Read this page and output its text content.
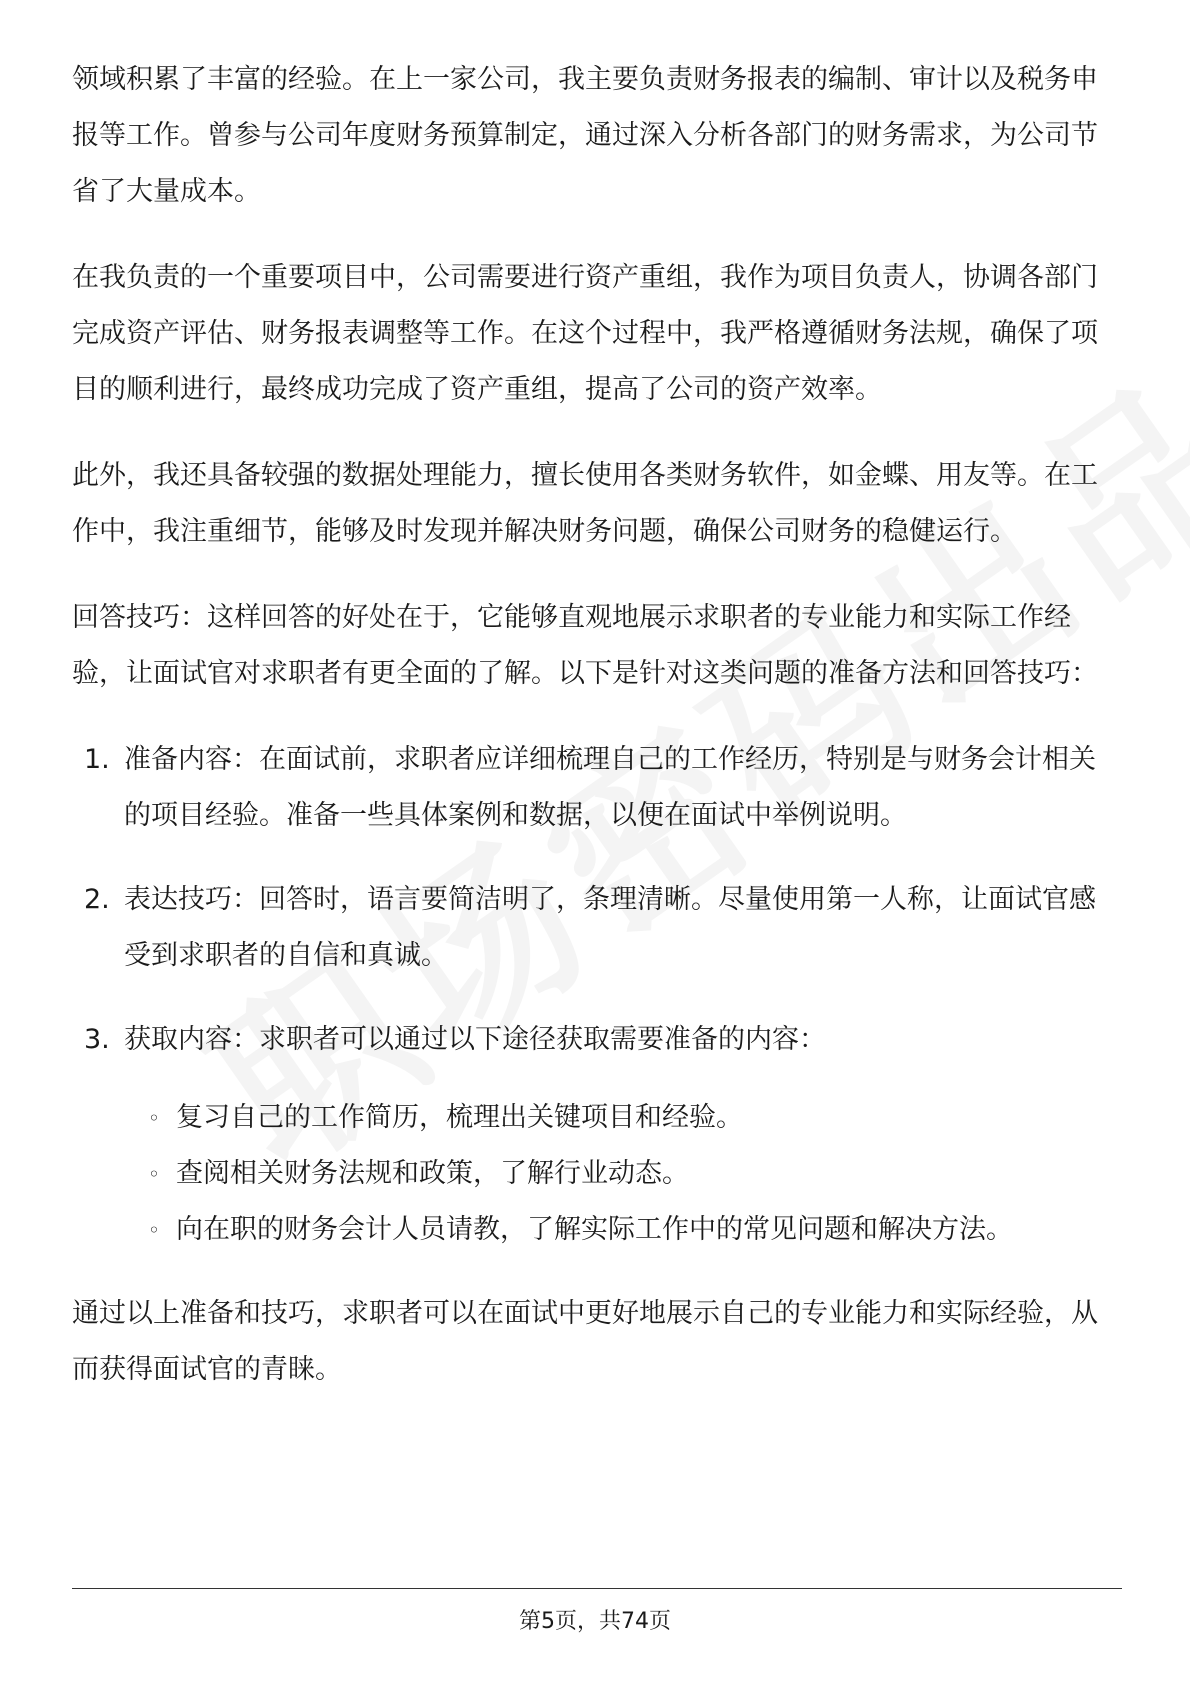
领域积累了丰富的经验。在上一家公司，我主要负责财务报表的编制、审计以及税务申报等工作。曾参与公司年度财务预算制定，通过深入分析各部门的财务需求，为公司节省了大量成本。

在我负责的一个重要项目中，公司需要进行资产重组，我作为项目负责人，协调各部门完成资产评估、财务报表调整等工作。在这个过程中，我严格遵循财务法规，确保了项目的顺利进行，最终成功完成了资产重组，提高了公司的资产效率。

此外，我还具备较强的数据处理能力，擅长使用各类财务软件，如金蝶、用友等。在工作中，我注重细节，能够及时发现并解决财务问题，确保公司财务的稳健运行。

回答技巧：这样回答的好处在于，它能够直观地展示求职者的专业能力和实际工作经验，让面试官对求职者有更全面的了解。以下是针对这类问题的准备方法和回答技巧：

1. 准备内容：在面试前，求职者应详细梳理自己的工作经历，特别是与财务会计相关的项目经验。准备一些具体案例和数据，以便在面试中举例说明。
2. 表达技巧：回答时，语言要简洁明了，条理清晰。尽量使用第一人称，让面试官感受到求职者的自信和真诚。
3. 获取内容：求职者可以通过以下途径获取需要准备的内容：
◦ 复习自己的工作简历，梳理出关键项目和经验。
◦ 查阅相关财务法规和政策，了解行业动态。
◦ 向在职的财务会计人员请教，了解实际工作中的常见问题和解决方法。

通过以上准备和技巧，求职者可以在面试中更好地展示自己的专业能力和实际经验，从而获得面试官的青睐。

第5页，共74页
